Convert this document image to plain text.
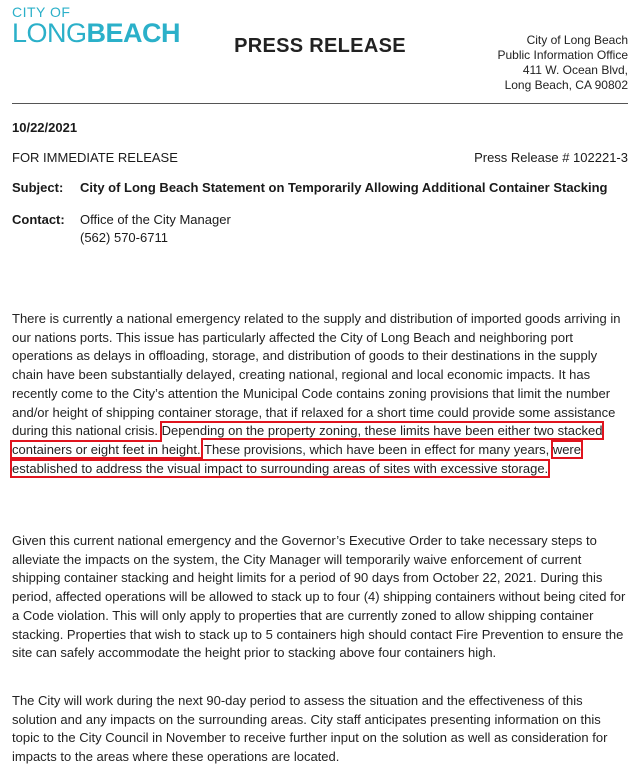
CITY OF
LONGBEACH	PRESS RELEASE	City of Long Beach
Public Information Office
411 W. Ocean Blvd,
Long Beach, CA 90802
10/22/2021
FOR IMMEDIATE RELEASE	Press Release # 102221-3
Subject:	City of Long Beach Statement on Temporarily Allowing Additional Container Stacking
Contact:	Office of the City Manager
(562) 570-6711
There is currently a national emergency related to the supply and distribution of imported goods arriving in our nations ports. This issue has particularly affected the City of Long Beach and neighboring port operations as delays in offloading, storage, and distribution of goods to their destinations in the supply chain have been substantially delayed, creating national, regional and local economic impacts. It has recently come to the City’s attention the Municipal Code contains zoning provisions that limit the number and/or height of shipping container storage, that if relaxed for a short time could provide some assistance during this national crisis. Depending on the property zoning, these limits have been either two stacked containers or eight feet in height. These provisions, which have been in effect for many years, were established to address the visual impact to surrounding areas of sites with excessive storage.
Given this current national emergency and the Governor’s Executive Order to take necessary steps to alleviate the impacts on the system, the City Manager will temporarily waive enforcement of current shipping container stacking and height limits for a period of 90 days from October 22, 2021. During this period, affected operations will be allowed to stack up to four (4) shipping containers without being cited for a Code violation. This will only apply to properties that are currently zoned to allow shipping container stacking. Properties that wish to stack up to 5 containers high should contact Fire Prevention to ensure the site can safely accommodate the height prior to stacking above four containers high.
The City will work during the next 90-day period to assess the situation and the effectiveness of this solution and any impacts on the surrounding areas. City staff anticipates presenting information on this topic to the City Council in November to receive further input on the solution as well as consideration for impacts to the areas where these operations are located.
